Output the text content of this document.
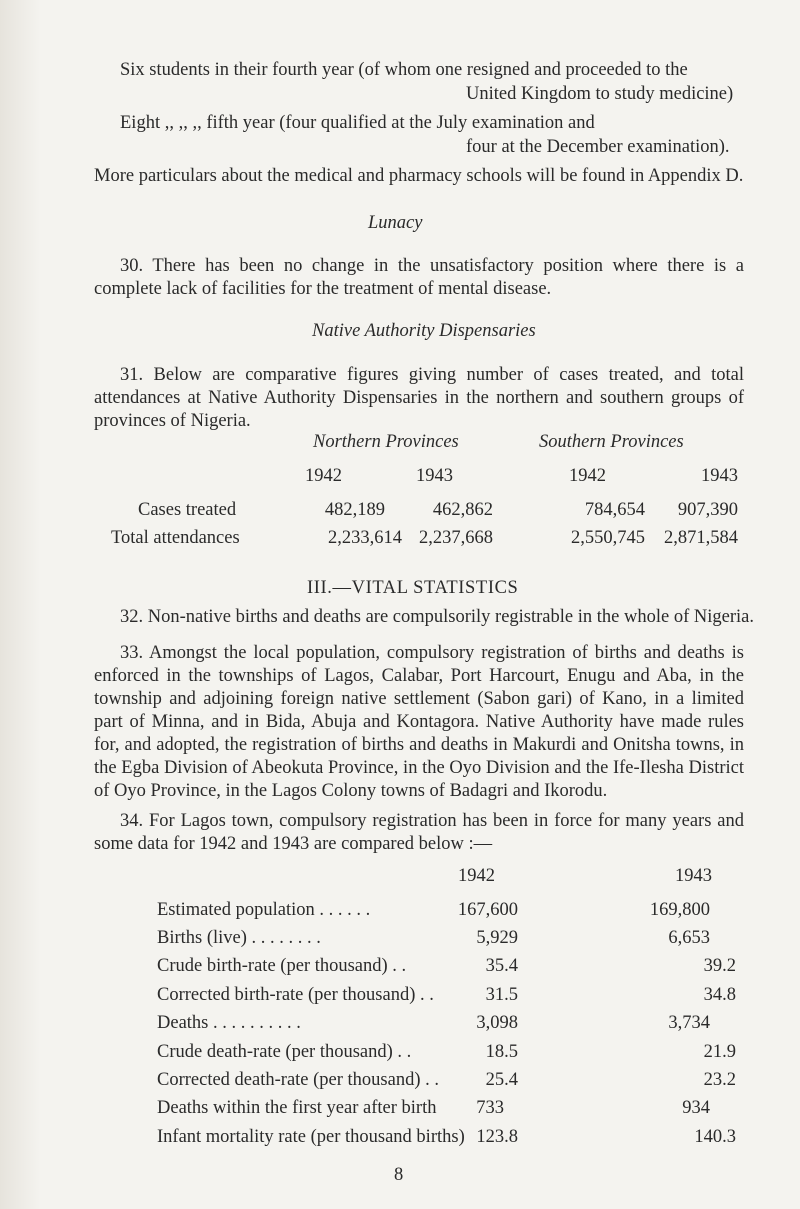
Six students in their fourth year (of whom one resigned and proceeded to the
United Kingdom to study medicine)
Eight ,, ,, ,, fifth year (four qualified at the July examination and
four at the December examination).
More particulars about the medical and pharmacy schools will be found in Appendix D.
Lunacy
30. There has been no change in the unsatisfactory position where there is a complete lack of facilities for the treatment of mental disease.
Native Authority Dispensaries
31. Below are comparative figures giving number of cases treated, and total attendances at Native Authority Dispensaries in the northern and southern groups of provinces of Nigeria.
Northern Provinces	Southern Provinces
1942	1943	1942	1943
Cases treated	482,189	462,862	784,654 907,390
Total attendances	2,233,614 2,237,668	2,550,745 2,871,584
III.—VITAL STATISTICS
32. Non-native births and deaths are compulsorily registrable in the whole of Nigeria.
33. Amongst the local population, compulsory registration of births and deaths is enforced in the townships of Lagos, Calabar, Port Harcourt, Enugu and Aba, in the township and adjoining foreign native settlement (Sabon gari) of Kano, in a limited part of Minna, and in Bida, Abuja and Kontagora. Native Authority have made rules for, and adopted, the registration of births and deaths in Makurdi and Onitsha towns, in the Egba Division of Abeokuta Province, in the Oyo Division and the Ife-Ilesha District of Oyo Province, in the Lagos Colony towns of Badagri and Ikorodu.
34. For Lagos town, compulsory registration has been in force for many years and some data for 1942 and 1943 are compared below :—
1942	1943
Estimated population . . . . . .	167,600	169,800
Births (live) . . . . . . . .	5,929	6,653
Crude birth-rate (per thousand) . .	35.4	39.2
Corrected birth-rate (per thousand) . .	31.5	34.8
Deaths . . . . . . . . . .	3,098	3,734
Crude death-rate (per thousand) . .	18.5	21.9
Corrected death-rate (per thousand) . .	25.4	23.2
Deaths within the first year after birth 733	934
Infant mortality rate (per thousand births) 123.8	140.3
8
